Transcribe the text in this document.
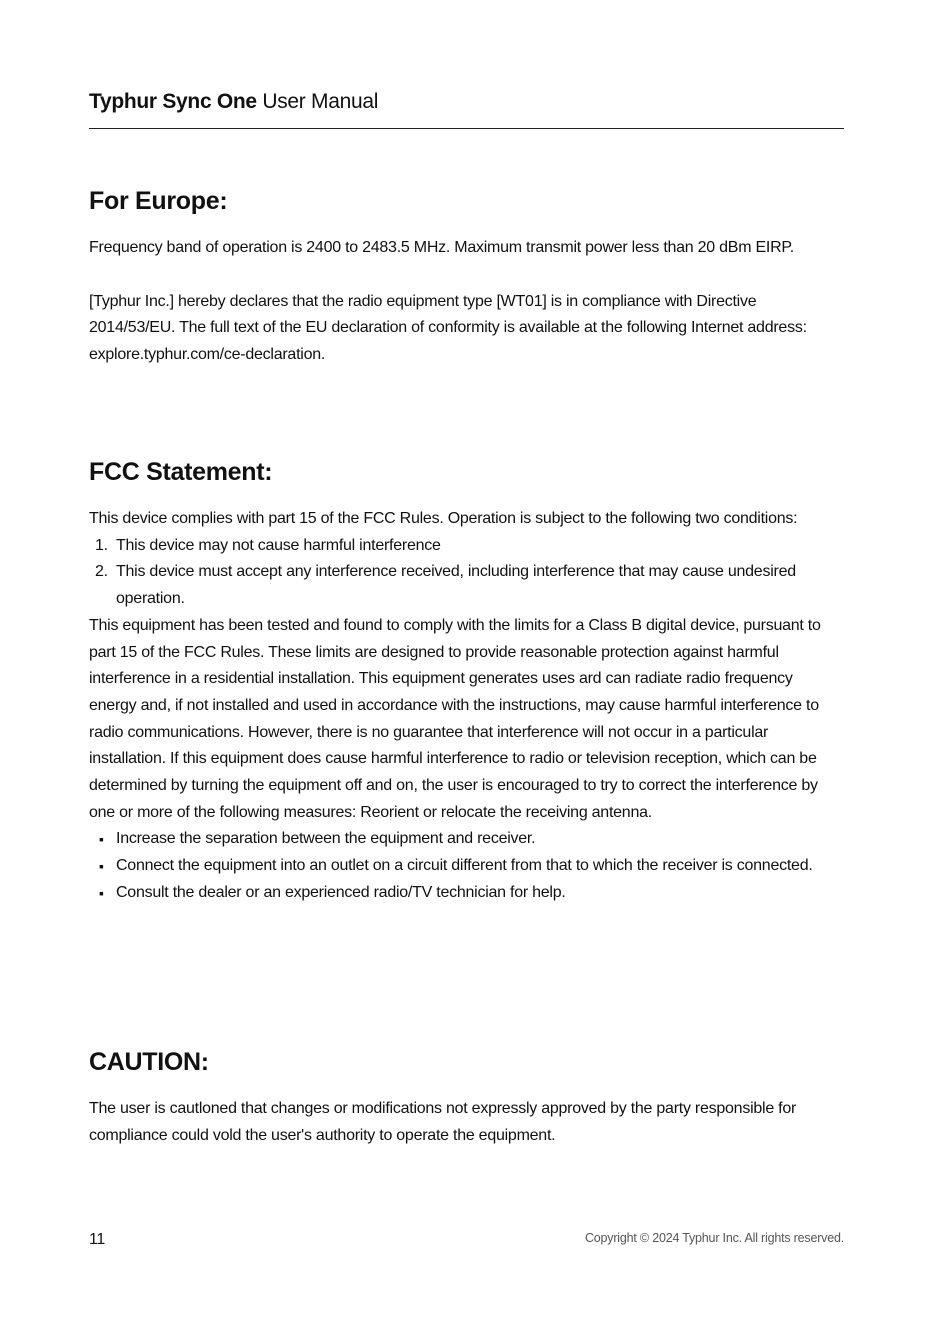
Typhur Sync One User Manual
For Europe:

Frequency band of operation is 2400 to 2483.5 MHz. Maximum transmit power less than 20 dBm EIRP.

[Typhur Inc.] hereby declares that the radio equipment type [WT01] is in compliance with Directive 2014/53/EU. The full text of the EU declaration of conformity is available at the following Internet address: explore.typhur.com/ce-declaration.

FCC Statement:

This device complies with part 15 of the FCC Rules. Operation is subject to the following two conditions:

1. This device may not cause harmful interference
2. This device must accept any interference received, including interference that may cause undesired operation.

This equipment has been tested and found to comply with the limits for a Class B digital device, pursuant to part 15 of the FCC Rules. These limits are designed to provide reasonable protection against harmful interference in a residential installation. This equipment generates uses ard can radiate radio frequency energy and, if not installed and used in accordance with the instructions, may cause harmful interference to radio communications. However, there is no guarantee that interference will not occur in a particular installation. If this equipment does cause harmful interference to radio or television reception, which can be determined by turning the equipment off and on, the user is encouraged to try to correct the interference by one or more of the following measures: Reorient or relocate the receiving antenna.

▪ Increase the separation between the equipment and receiver.
▪ Connect the equipment into an outlet on a circuit different from that to which the receiver is connected.
▪ Consult the dealer or an experienced radio/TV technician for help.
CAUTION:

The user is cautloned that changes or modifications not expressly approved by the party responsible for compliance could vold the user's authority to operate the equipment.

11	Copyright © 2024 Typhur Inc. All rights reserved.
